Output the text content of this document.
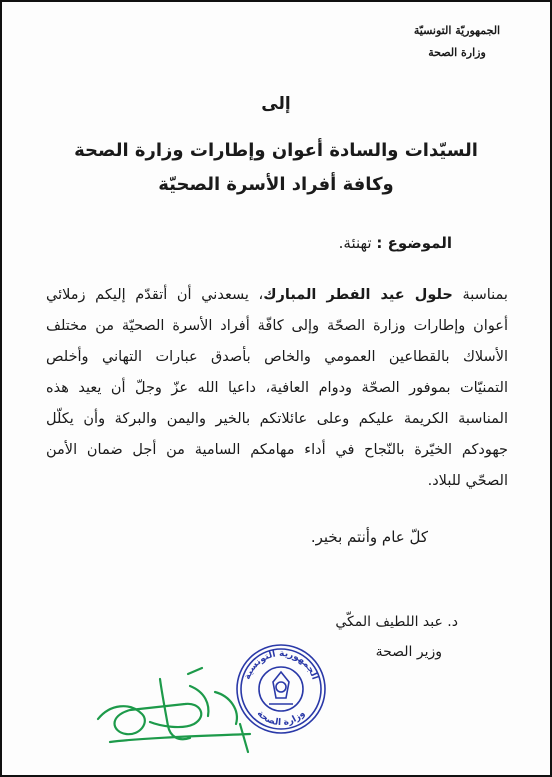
الجمهوريّة التونسيّة
وزارة الصحة
إلى
السيّدات والسادة أعوان وإطارات وزارة الصحة
وكافة أفراد الأسرة الصحيّة
الموضوع : تهنئة.
بمناسبة حلول عيد الفطر المبارك، يسعدني أن أتقدّم إليكم زملائي
أعوان وإطارات وزارة الصحّة وإلى كافّة أفراد الأسرة الصحيّة من مختلف
الأسلاك بالقطاعين العمومي والخاص بأصدق عبارات التهاني وأخلص
التمنيّات بموفور الصحّة ودوام العافية، داعيا الله عزّ وجلّ أن يعيد هذه
المناسبة الكريمة عليكم وعلى عائلاتكم بالخير واليمن والبركة وأن يكلّل
جهودكم الخيّرة بالنّجاح في أداء مهامكم السامية من أجل ضمان الأمن
الصحّي للبلاد.
كلّ عام وأنتم بخير.
د. عبد اللطيف المكّي
وزير الصحة
الجمهورية التونسية
وزارة الصحة
